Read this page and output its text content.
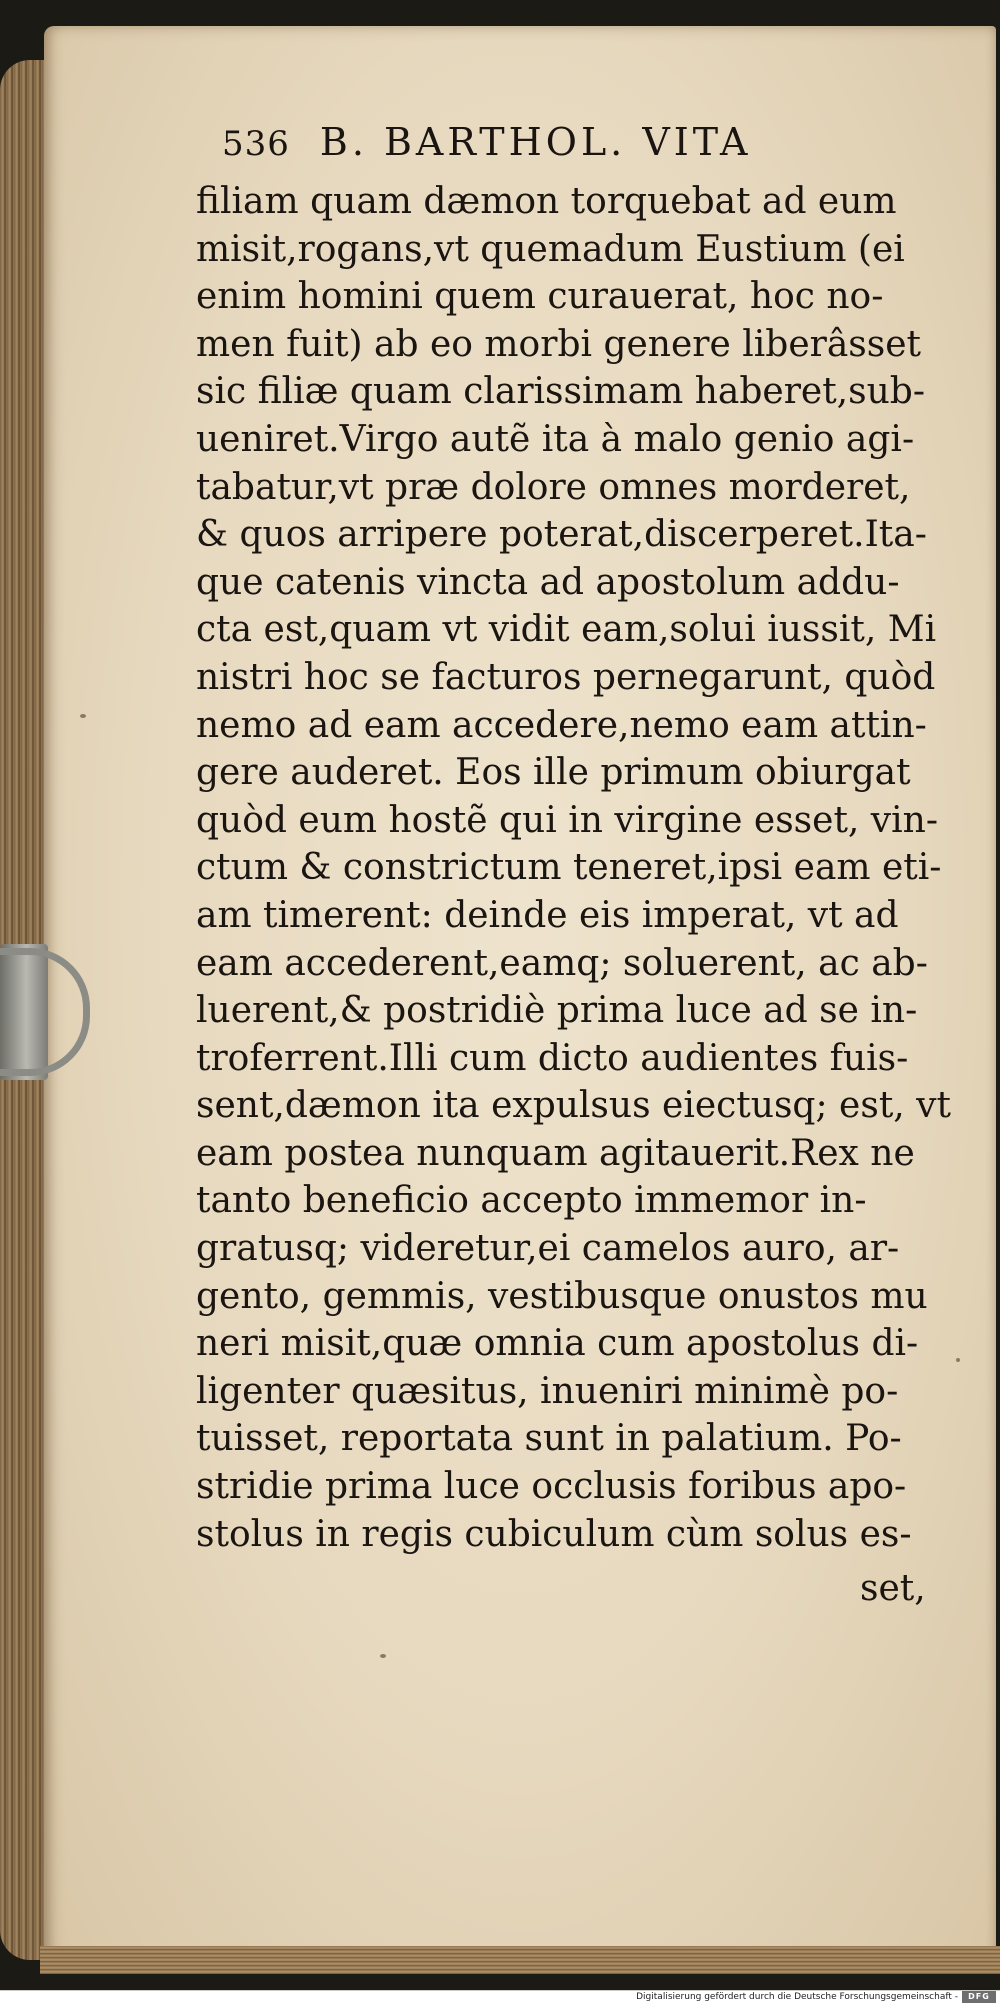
536 B. BARTHOL. VITA
filiam quam dæmon torquebat ad eum
misit,rogans,vt quemadum Eustium (ei
enim homini quem curauerat, hoc no-
men fuit) ab eo morbi genere liberâsset
sic filiæ quam clarissimam haberet,sub-
ueniret.Virgo autẽ ita à malo genio agi-
tabatur,vt præ dolore omnes morderet,
& quos arripere poterat,discerperet.Ita-
que catenis vincta ad apostolum addu-
cta est,quam vt vidit eam,solui iussit, Mi
nistri hoc se facturos pernegarunt, quòd
nemo ad eam accedere,nemo eam attin-
gere auderet. Eos ille primum obiurgat
quòd eum hostẽ qui in virgine esset, vin-
ctum & constrictum teneret,ipsi eam eti-
am timerent: deinde eis imperat, vt ad
eam accederent,eamq; soluerent, ac ab-
luerent,& postridiè prima luce ad se in-
troferrent.Illi cum dicto audientes fuis-
sent,dæmon ita expulsus eiectusq; est, vt
eam postea nunquam agitauerit.Rex ne
tanto beneficio accepto immemor in-
gratusq; videretur,ei camelos auro, ar-
gento, gemmis, vestibusque onustos mu
neri misit,quæ omnia cum apostolus di-
ligenter quæsitus, inueniri minimè po-
tuisset, reportata sunt in palatium. Po-
stridie prima luce occlusis foribus apo-
stolus in regis cubiculum cùm solus es-
set,
Digitalisierung gefördert durch die Deutsche Forschungsgemeinschaft -	DFG
